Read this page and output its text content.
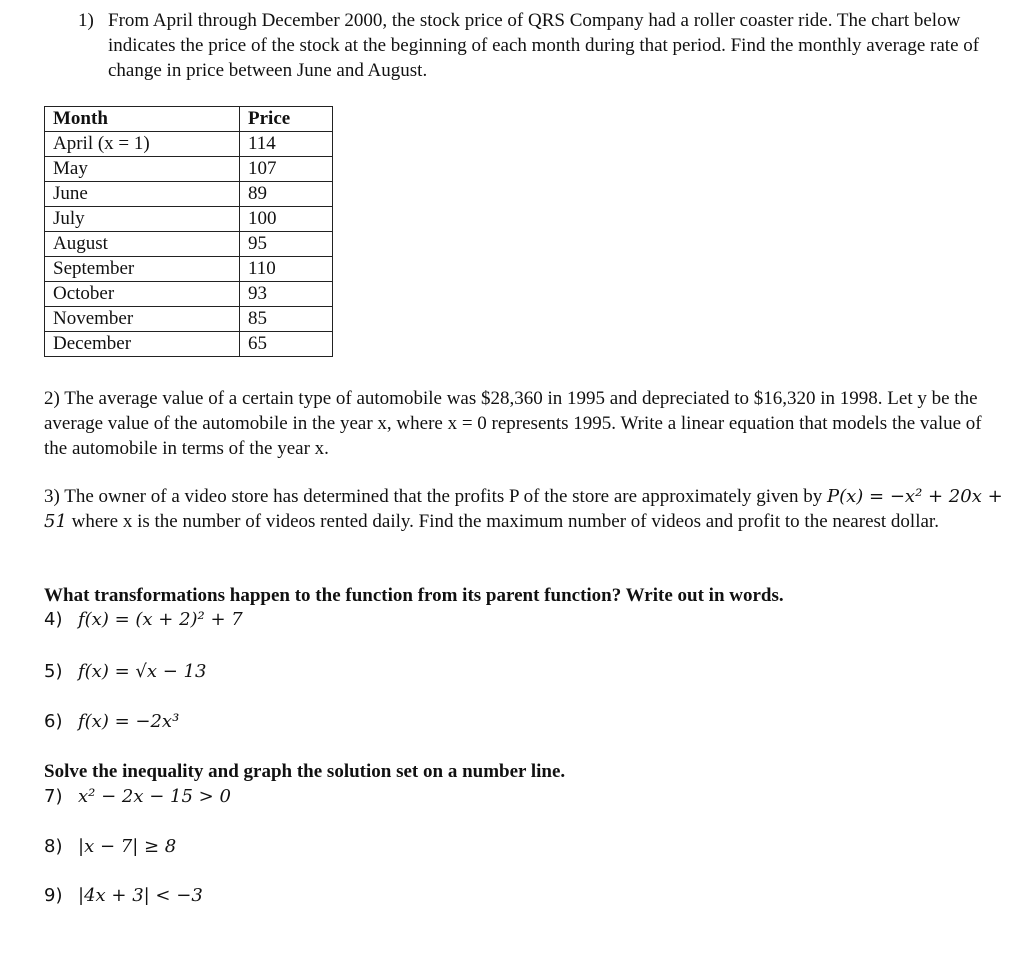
1) From April through December 2000, the stock price of QRS Company had a roller coaster ride. The chart below indicates the price of the stock at the beginning of each month during that period. Find the monthly average rate of change in price between June and August.
Month	Price
April (x = 1)	114
May	107
June	89
July	100
August	95
September	110
October	93
November	85
December	65
2) The average value of a certain type of automobile was $28,360 in 1995 and depreciated to $16,320 in 1998. Let y be the average value of the automobile in the year x, where x = 0 represents 1995. Write a linear equation that models the value of the automobile in terms of the year x.
3) The owner of a video store has determined that the profits P of the store are approximately given by P(x) = −x² + 20x + 51 where x is the number of videos rented daily. Find the maximum number of videos and profit to the nearest dollar.
What transformations happen to the function from its parent function? Write out in words.
4) f(x) = (x + 2)² + 7
5) f(x) = √x − 13
6) f(x) = −2x³
Solve the inequality and graph the solution set on a number line.
7) x² − 2x − 15 > 0
8) |x − 7| ≥ 8
9) |4x + 3| < −3
